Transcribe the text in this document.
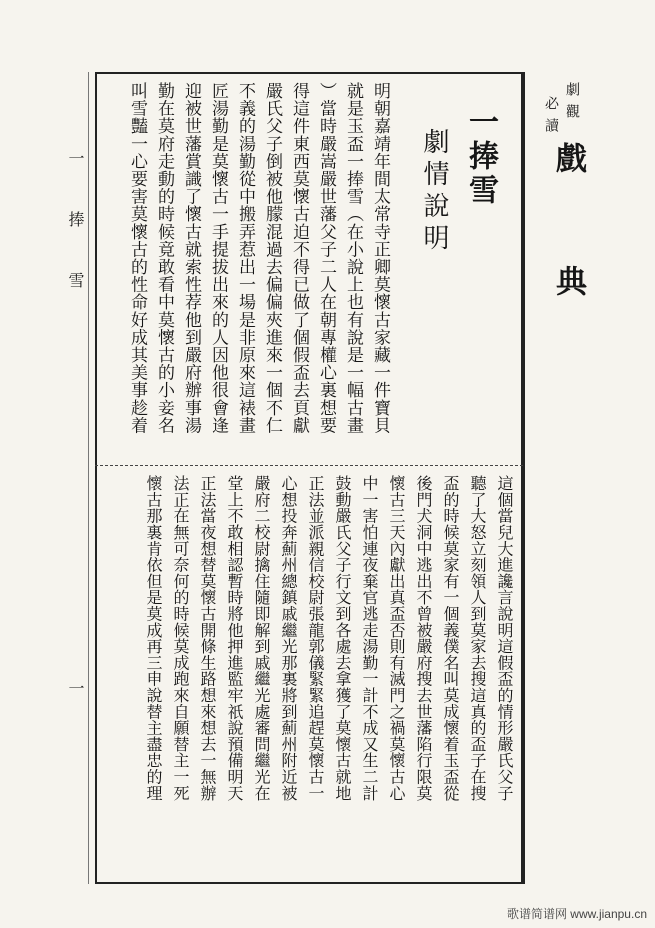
劇觀
必讀
戲 典
一捧雪
劇情說明
明朝嘉靖年間太常寺正卿莫懷古家藏一件寶貝
就是玉盃一捧雪（在小說上也有說是一幅古畫
）當時嚴嵩嚴世藩父子二人在朝專權心裏想要
得這件東西莫懷古迫不得已做了個假盃去頁獻
嚴氏父子倒被他朦混過去偏偏夾進來一個不仁
不義的湯勤從中搬弄惹出一場是非原來這裱畫
匠湯勤是莫懷古一手提拔出來的人因他很會逢
迎被世藩賞識了懷古就索性荐他到嚴府辦事湯
勤在莫府走動的時候竟敢看中莫懷古的小妾名
叫雪豔一心要害莫懷古的性命好成其美事趁着
這個當兒大進讒言說明這假盃的情形嚴氏父子
聽了大怒立刻領人到莫家去搜這真的盃子在搜
盃的時候莫家有一個義僕名叫莫成懷着玉盃從
後門犬洞中逃出不曾被嚴府搜去世藩陷行限莫
懷古三天內獻出真盃否則有滅門之禍莫懷古心
中一害怕連夜棄官逃走湯勤一計不成又生二計
鼓動嚴氏父子行文到各處去拿獲了莫懷古就地
正法並派親信校尉張龍郭儀緊緊追趕莫懷古一
心想投奔薊州總鎮戚繼光那裏將到薊州附近被
嚴府二校尉擒住隨即解到戚繼光處審問繼光在
堂上不敢相認暫時將他押進監牢祇說預備明天
正法當夜想替莫懷古開條生路想來想去一無辦
法正在無可奈何的時候莫成跑來自願替主一死
懷古那裏肯依但是莫成再三申說替主盡忠的理
一捧雪
一
歌谱简谱网 www.jianpu.cn
